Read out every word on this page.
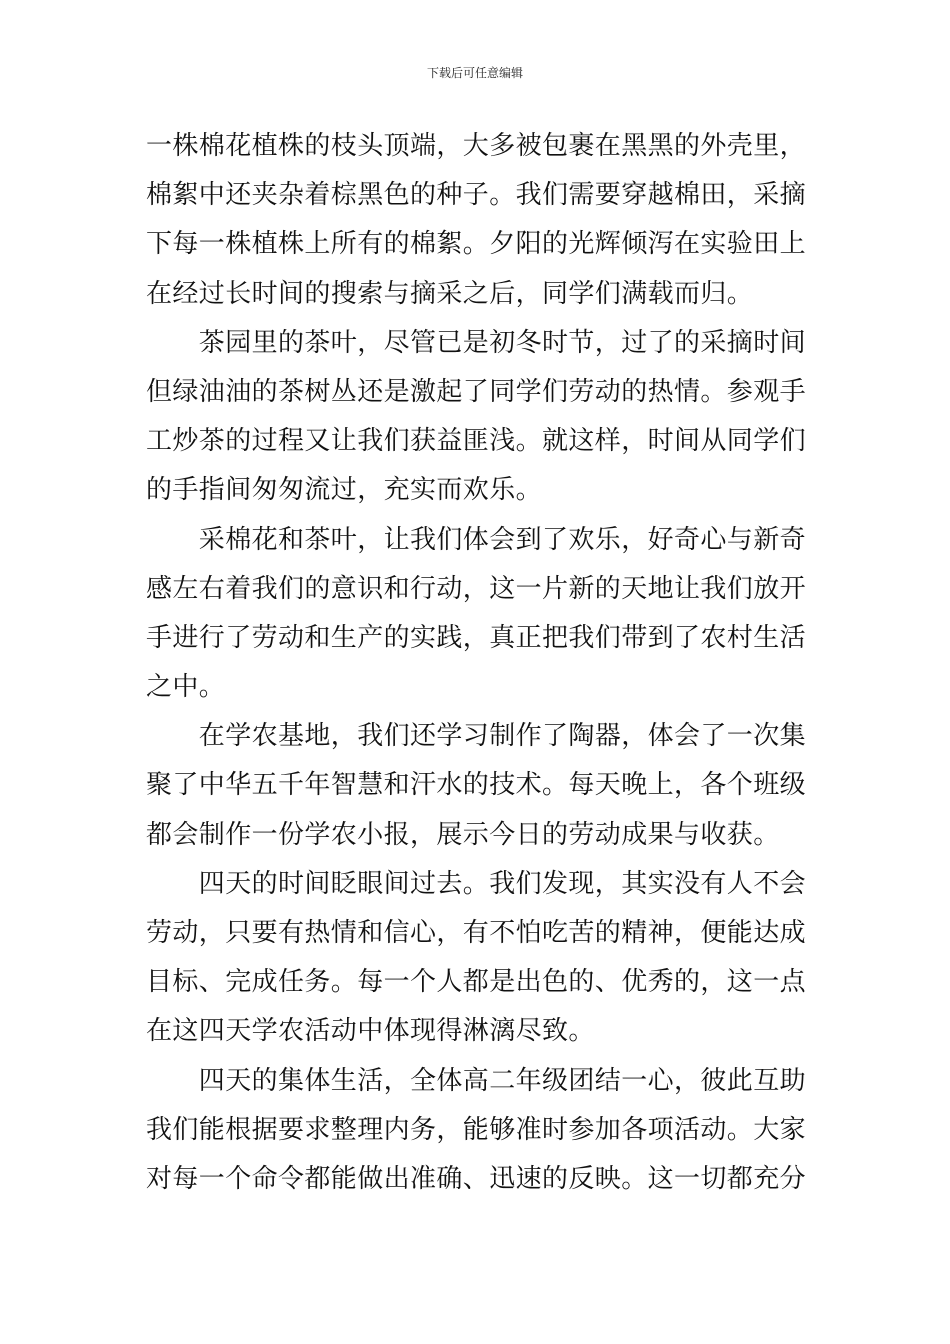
下载后可任意编辑
一株棉花植株的枝头顶端，大多被包裹在黑黑的外壳里，
棉絮中还夹杂着棕黑色的种子。我们需要穿越棉田，采摘
下每一株植株上所有的棉絮。夕阳的光辉倾泻在实验田上
在经过长时间的搜索与摘采之后，同学们满载而归。
　　茶园里的茶叶，尽管已是初冬时节，过了的采摘时间
但绿油油的茶树丛还是激起了同学们劳动的热情。参观手
工炒茶的过程又让我们获益匪浅。就这样，时间从同学们
的手指间匆匆流过，充实而欢乐。
　　采棉花和茶叶，让我们体会到了欢乐，好奇心与新奇
感左右着我们的意识和行动，这一片新的天地让我们放开
手进行了劳动和生产的实践，真正把我们带到了农村生活
之中。
　　在学农基地，我们还学习制作了陶器，体会了一次集
聚了中华五千年智慧和汗水的技术。每天晚上，各个班级
都会制作一份学农小报，展示今日的劳动成果与收获。
　　四天的时间眨眼间过去。我们发现，其实没有人不会
劳动，只要有热情和信心，有不怕吃苦的精神，便能达成
目标、完成任务。每一个人都是出色的、优秀的，这一点
在这四天学农活动中体现得淋漓尽致。
　　四天的集体生活，全体高二年级团结一心，彼此互助
我们能根据要求整理内务，能够准时参加各项活动。大家
对每一个命令都能做出准确、迅速的反映。这一切都充分
